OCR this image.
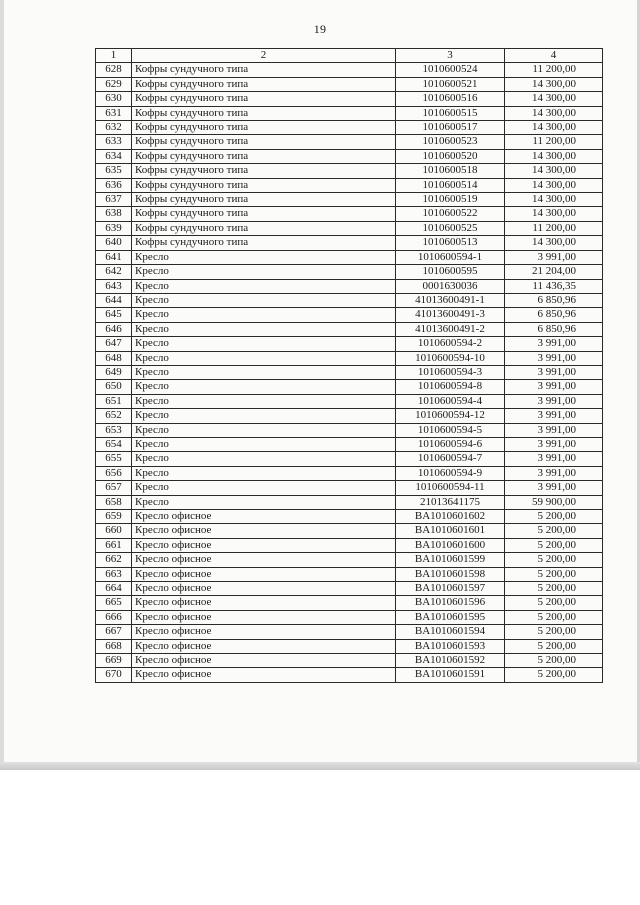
19
1	2	3	4
628	Кофры сундучного типа	1010600524	11 200,00
629	Кофры сундучного типа	1010600521	14 300,00
630	Кофры сундучного типа	1010600516	14 300,00
631	Кофры сундучного типа	1010600515	14 300,00
632	Кофры сундучного типа	1010600517	14 300,00
633	Кофры сундучного типа	1010600523	11 200,00
634	Кофры сундучного типа	1010600520	14 300,00
635	Кофры сундучного типа	1010600518	14 300,00
636	Кофры сундучного типа	1010600514	14 300,00
637	Кофры сундучного типа	1010600519	14 300,00
638	Кофры сундучного типа	1010600522	14 300,00
639	Кофры сундучного типа	1010600525	11 200,00
640	Кофры сундучного типа	1010600513	14 300,00
641	Кресло	1010600594-1	3 991,00
642	Кресло	1010600595	21 204,00
643	Кресло	0001630036	11 436,35
644	Кресло	41013600491-1	6 850,96
645	Кресло	41013600491-3	6 850,96
646	Кресло	41013600491-2	6 850,96
647	Кресло	1010600594-2	3 991,00
648	Кресло	1010600594-10	3 991,00
649	Кресло	1010600594-3	3 991,00
650	Кресло	1010600594-8	3 991,00
651	Кресло	1010600594-4	3 991,00
652	Кресло	1010600594-12	3 991,00
653	Кресло	1010600594-5	3 991,00
654	Кресло	1010600594-6	3 991,00
655	Кресло	1010600594-7	3 991,00
656	Кресло	1010600594-9	3 991,00
657	Кресло	1010600594-11	3 991,00
658	Кресло	21013641175	59 900,00
659	Кресло офисное	BA1010601602	5 200,00
660	Кресло офисное	BA1010601601	5 200,00
661	Кресло офисное	BA1010601600	5 200,00
662	Кресло офисное	BA1010601599	5 200,00
663	Кресло офисное	BA1010601598	5 200,00
664	Кресло офисное	BA1010601597	5 200,00
665	Кресло офисное	BA1010601596	5 200,00
666	Кресло офисное	BA1010601595	5 200,00
667	Кресло офисное	BA1010601594	5 200,00
668	Кресло офисное	BA1010601593	5 200,00
669	Кресло офисное	BA1010601592	5 200,00
670	Кресло офисное	BA1010601591	5 200,00
